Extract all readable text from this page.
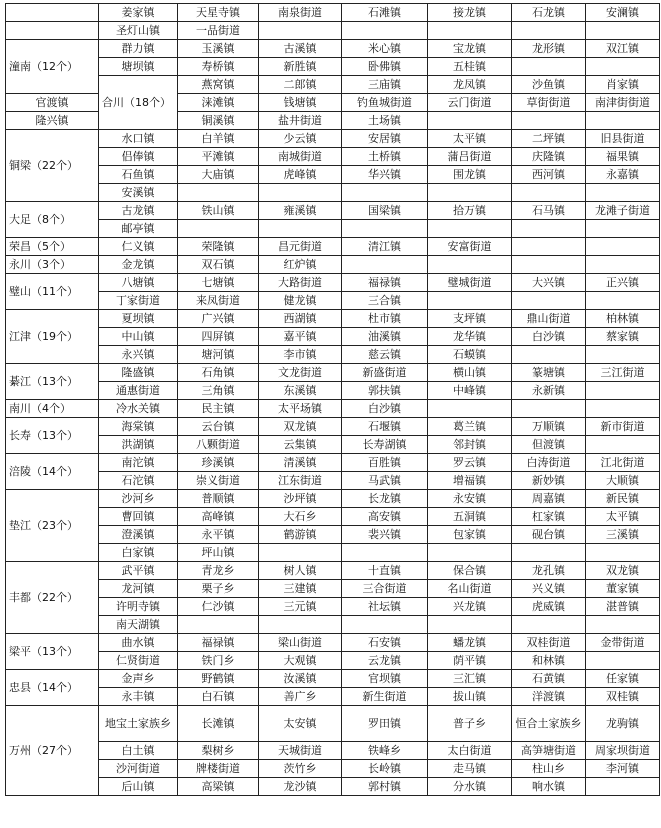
	姜家镇	天星寺镇	南泉街道	石滩镇	接龙镇	石龙镇	安澜镇	
	圣灯山镇	一品街道						
潼南（12个）	群力镇	玉溪镇	古溪镇	米心镇	宝龙镇	龙形镇	双江镇	
	塘坝镇	寿桥镇	新胜镇	卧佛镇	五桂镇			
	合川（18个）	燕窝镇	二郎镇	三庙镇	龙凤镇	沙鱼镇	肖家镇	
官渡镇		涞滩镇	钱塘镇	钓鱼城街道	云门街道	草街街道	南津街街道	
隆兴镇		铜溪镇	盐井街道	土场镇				
铜梁（22个）	水口镇	白羊镇	少云镇	安居镇	太平镇	二坪镇	旧县街道	
	侣俸镇	平滩镇	南城街道	土桥镇	蒲吕街道	庆隆镇	福果镇	
	石鱼镇	大庙镇	虎峰镇	华兴镇	围龙镇	西河镇	永嘉镇	
	安溪镇							
大足（8个）	古龙镇	铁山镇	雍溪镇	国梁镇	拾万镇	石马镇	龙滩子街道	
	邮亭镇							
荣昌（5个）	仁义镇	荣隆镇	昌元街道	清江镇	安富街道			
永川（3个）	金龙镇	双石镇	红炉镇					
璧山（11个）	八塘镇	七塘镇	大路街道	福禄镇	璧城街道	大兴镇	正兴镇	
	丁家街道	来凤街道	健龙镇	三合镇				
江津（19个）	夏坝镇	广兴镇	西湖镇	杜市镇	支坪镇	鼎山街道	柏林镇	
	中山镇	四屏镇	嘉平镇	油溪镇	龙华镇	白沙镇	蔡家镇	
	永兴镇	塘河镇	李市镇	慈云镇	石蟆镇			
綦江（13个）	隆盛镇	石角镇	文龙街道	新盛街道	横山镇	篆塘镇	三江街道	
	通惠街道	三角镇	东溪镇	郭扶镇	中峰镇	永新镇		
南川（4个）	冷水关镇	民主镇	太平场镇	白沙镇				
长寿（13个）	海棠镇	云台镇	双龙镇	石堰镇	葛兰镇	万顺镇	新市街道	
	洪湖镇	八颗街道	云集镇	长寿湖镇	邻封镇	但渡镇		
涪陵（14个）	南沱镇	珍溪镇	清溪镇	百胜镇	罗云镇	白涛街道	江北街道	
	石沱镇	崇义街道	江东街道	马武镇	增福镇	新妙镇	大顺镇	
垫江（23个）	沙河乡	普顺镇	沙坪镇	长龙镇	永安镇	周嘉镇	新民镇	
	曹回镇	高峰镇	大石乡	高安镇	五洞镇	杠家镇	太平镇	
	澄溪镇	永平镇	鹤游镇	裴兴镇	包家镇	砚台镇	三溪镇	
	白家镇	坪山镇						
丰都（22个）	武平镇	青龙乡	树人镇	十直镇	保合镇	龙孔镇	双龙镇	
	龙河镇	栗子乡	三建镇	三合街道	名山街道	兴义镇	董家镇	
	许明寺镇	仁沙镇	三元镇	社坛镇	兴龙镇	虎威镇	湛普镇	
	南天湖镇							
梁平（13个）	曲水镇	福禄镇	梁山街道	石安镇	蟠龙镇	双桂街道	金带街道	
	仁贤街道	铁门乡	大观镇	云龙镇	荫平镇	和林镇		
忠县（14个）	金声乡	野鹤镇	汝溪镇	官坝镇	三汇镇	石黄镇	任家镇	
	永丰镇	白石镇	善广乡	新生街道	拔山镇	洋渡镇	双桂镇	
万州（27个）	地宝土家族乡	长滩镇	太安镇	罗田镇	普子乡	恒合土家族乡	龙驹镇	
	白土镇	梨树乡	天城街道	铁峰乡	太白街道	高笋塘街道	周家坝街道	
	沙河街道	牌楼街道	茨竹乡	长岭镇	走马镇	柱山乡	李河镇	
	后山镇	高梁镇	龙沙镇	郭村镇	分水镇	响水镇		
